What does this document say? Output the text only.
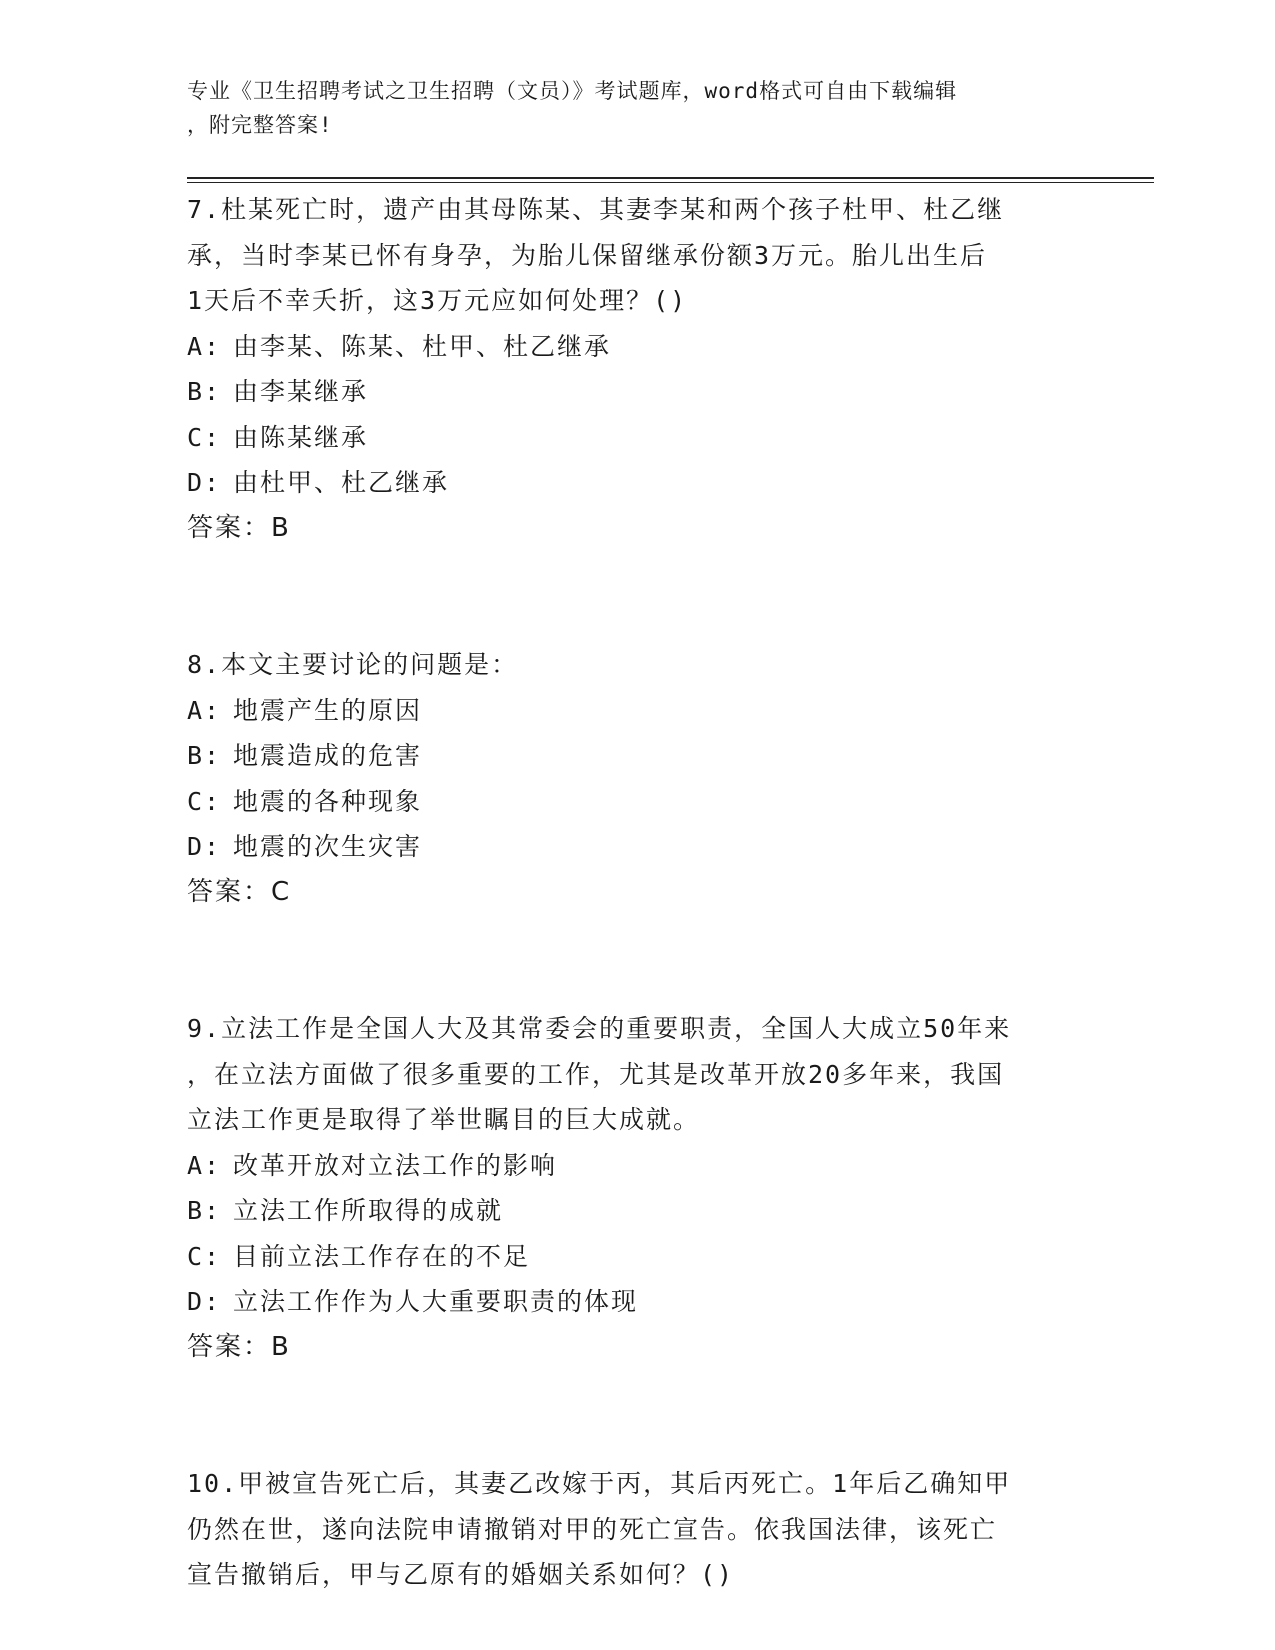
专业《卫生招聘考试之卫生招聘（文员）》考试题库，word格式可自由下载编辑
，附完整答案!
7.杜某死亡时，遗产由其母陈某、其妻李某和两个孩子杜甲、杜乙继
承，当时李某已怀有身孕，为胎儿保留继承份额3万元。胎儿出生后
1天后不幸夭折，这3万元应如何处理？()
A: 由李某、陈某、杜甲、杜乙继承
B: 由李某继承
C: 由陈某继承
D: 由杜甲、杜乙继承
答案：B
8.本文主要讨论的问题是：
A: 地震产生的原因
B: 地震造成的危害
C: 地震的各种现象
D: 地震的次生灾害
答案：C
9.立法工作是全国人大及其常委会的重要职责，全国人大成立50年来
，在立法方面做了很多重要的工作，尤其是改革开放20多年来，我国
立法工作更是取得了举世瞩目的巨大成就。
A: 改革开放对立法工作的影响
B: 立法工作所取得的成就
C: 目前立法工作存在的不足
D: 立法工作作为人大重要职责的体现
答案：B
10.甲被宣告死亡后，其妻乙改嫁于丙，其后丙死亡。1年后乙确知甲
仍然在世，遂向法院申请撤销对甲的死亡宣告。依我国法律，该死亡
宣告撤销后，甲与乙原有的婚姻关系如何？()
